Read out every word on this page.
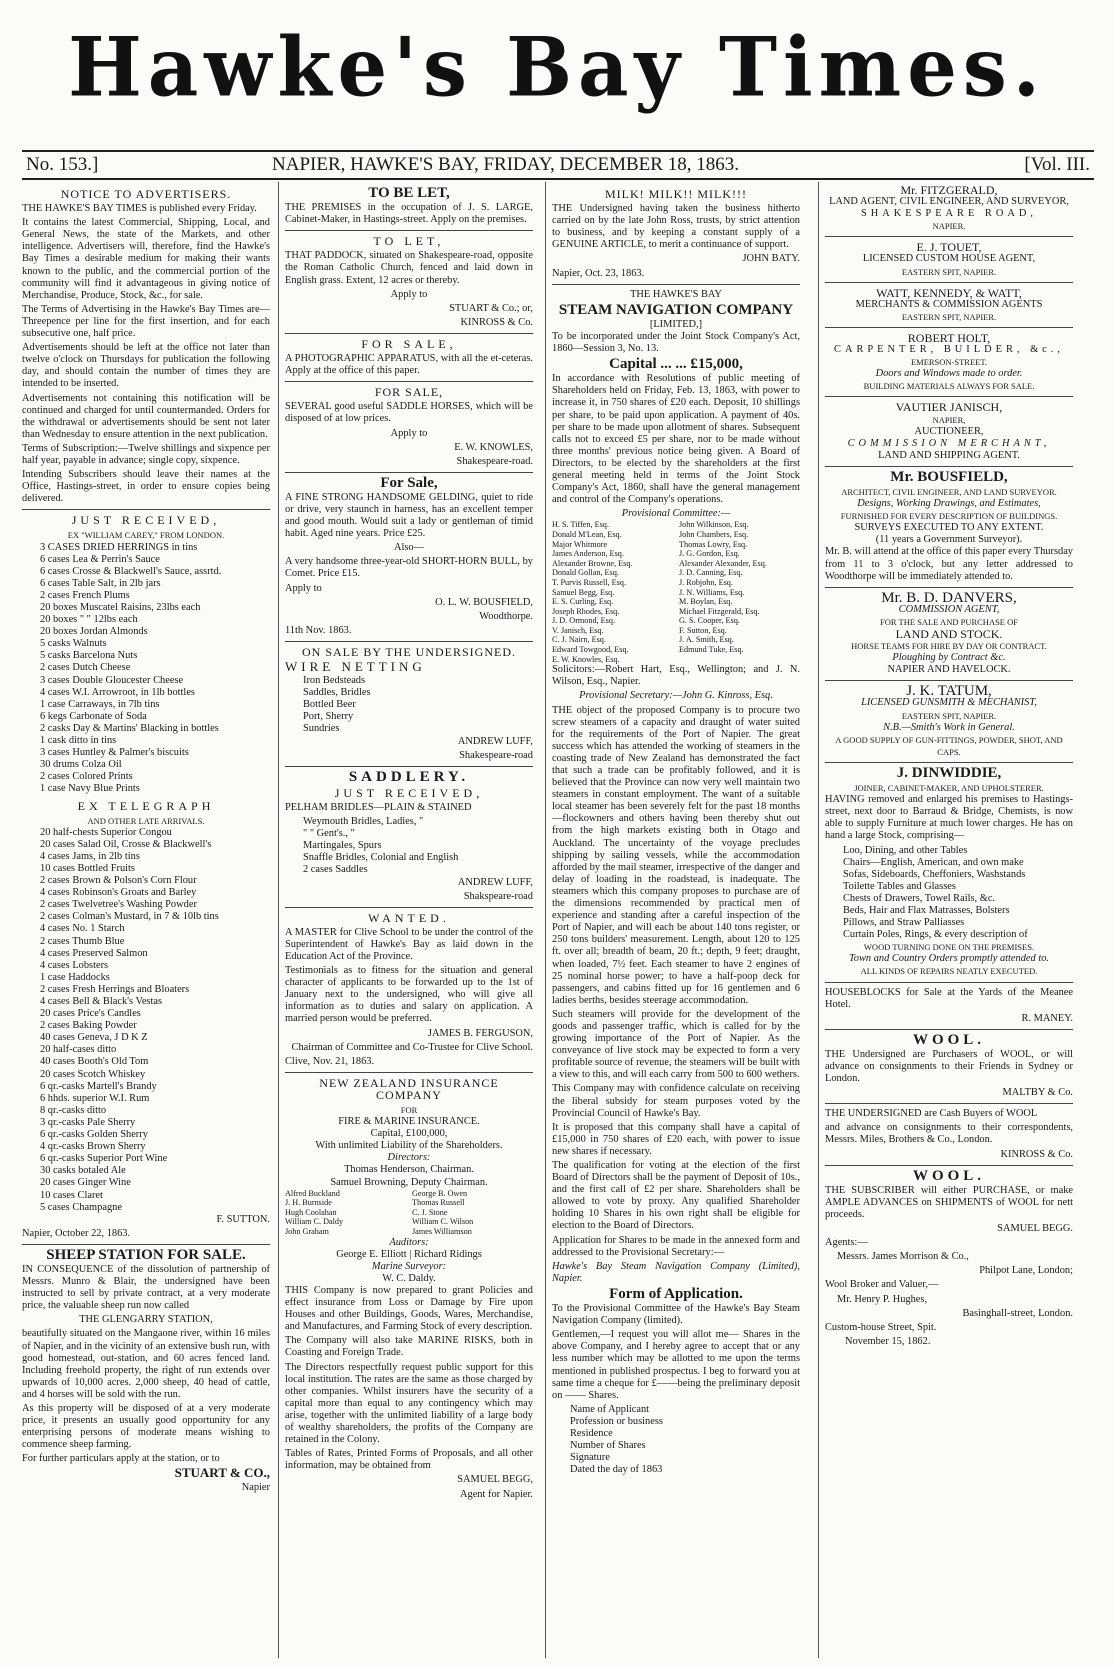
Hawke's Bay Times.
No. 153.]	NAPIER, HAWKE'S BAY, FRIDAY, DECEMBER 18, 1863.	[Vol. III.
NOTICE TO ADVERTISERS.

THE HAWKE'S BAY TIMES is published every Friday.

It contains the latest Commercial, Shipping, Local, and General News, the state of the Markets, and other intelligence. Advertisers will, therefore, find the Hawke's Bay Times a desirable medium for making their wants known to the public, and the commercial portion of the community will find it advantageous in giving notice of Merchandise, Produce, Stock, &c., for sale.

The Terms of Advertising in the Hawke's Bay Times are—Threepence per line for the first insertion, and for each subsecutive one, half price.

Advertisements should be left at the office not later than twelve o'clock on Thursdays for publication the following day, and should contain the number of times they are intended to be inserted.

Advertisements not containing this notification will be continued and charged for until countermanded. Orders for the withdrawal or advertisements should be sent not later than Wednesday to ensure attention in the next publication.

Terms of Subscription:—Twelve shillings and sixpence per half year, payable in advance; single copy, sixpence.

Intending Subscribers should leave their names at the Office, Hastings-street, in order to ensure copies being delivered.

JUST RECEIVED,
EX "WILLIAM CAREY," FROM LONDON.
3 CASES DRIED HERRINGS in tins
6 cases Lea & Perrin's Sauce
6 cases Crosse & Blackwell's Sauce, assrtd.
6 cases Table Salt, in 2lb jars
2 cases French Plums
20 boxes Muscatel Raisins, 23lbs each
20 boxes " " 12lbs each
20 boxes Jordan Almonds
5 casks Walnuts
5 casks Barcelona Nuts
2 cases Dutch Cheese
3 cases Double Gloucester Cheese
4 cases W.I. Arrowroot, in 1lb bottles
1 case Carraways, in 7lb tins
6 kegs Carbonate of Soda
2 casks Day & Martins' Blacking in bottles
1 cask ditto in tins
3 cases Huntley & Palmer's biscuits
30 drums Colza Oil
2 cases Colored Prints
1 case Navy Blue Prints
EX TELEGRAPH
AND OTHER LATE ARRIVALS.
20 half-chests Superior Congou
20 cases Salad Oil, Crosse & Blackwell's
4 cases Jams, in 2lb tins
10 cases Bottled Fruits
2 cases Brown & Polson's Corn Flour
4 cases Robinson's Groats and Barley
2 cases Twelvetree's Washing Powder
2 cases Colman's Mustard, in 7 & 10lb tins
4 cases No. 1 Starch
2 cases Thumb Blue
4 cases Preserved Salmon
4 cases Lobsters
1 case Haddocks
2 cases Fresh Herrings and Bloaters
4 cases Bell & Black's Vestas
20 cases Price's Candles
2 cases Baking Powder
40 cases Geneva, J D K Z
20 half-cases ditto
40 cases Booth's Old Tom
20 cases Scotch Whiskey
6 qr.-casks Martell's Brandy
6 hhds. superior W.I. Rum
8 qr.-casks ditto
3 qr.-casks Pale Sherry
6 qr.-casks Golden Sherry
4 qr.-casks Brown Sherry
6 qr.-casks Superior Port Wine
30 casks botaled Ale
20 cases Ginger Wine
10 cases Claret
5 cases Champagne

F. SUTTON.

Napier, October 22, 1863.

SHEEP STATION FOR SALE.

IN CONSEQUENCE of the dissolution of partnership of Messrs. Munro & Blair, the undersigned have been instructed to sell by private contract, at a very moderate price, the valuable sheep run now called

THE GLENGARRY STATION,

beautifully situated on the Mangaone river, within 16 miles of Napier, and in the vicinity of an extensive bush run, with good homestead, out-station, and 60 acres fenced land. Including freehold property, the right of run extends over upwards of 10,000 acres. 2,000 sheep, 40 head of cattle, and 4 horses will be sold with the run.

As this property will be disposed of at a very moderate price, it presents an usually good opportunity for any enterprising persons of moderate means wishing to commence sheep farming.

For further particulars apply at the station, or to

STUART & CO.,

Napier

TO BE LET,

THE PREMISES in the occupation of J. S. LARGE, Cabinet-Maker, in Hastings-street. Apply on the premises.

TO LET,

THAT PADDOCK, situated on Shakespeare-road, opposite the Roman Catholic Church, fenced and laid down in English grass. Extent, 12 acres or thereby.

Apply to

STUART & Co.; or,

KINROSS & Co.

FOR SALE,

A PHOTOGRAPHIC APPARATUS, with all the et-ceteras. Apply at the office of this paper.

FOR SALE,

SEVERAL good useful SADDLE HORSES, which will be disposed of at low prices.

Apply to

E. W. KNOWLES,

Shakespeare-road.

For Sale,

A FINE STRONG HANDSOME GELDING, quiet to ride or drive, very staunch in harness, has an excellent temper and good mouth. Would suit a lady or gentleman of timid habit. Aged nine years. Price £25.

Also—

A very handsome three-year-old SHORT-HORN BULL, by Comet. Price £15.

Apply to

O. L. W. BOUSFIELD,

Woodthorpe.

11th Nov. 1863.

ON SALE BY THE UNDERSIGNED.

WIRE NETTING

Iron Bedsteads
Saddles, Bridles
Bottled Beer
Port, Sherry
Sundries

ANDREW LUFF,

Shakespeare-road

SADDLERY.
JUST RECEIVED,

PELHAM BRIDLES—PLAIN & STAINED

Weymouth Bridles, Ladies, "
" " Gent's., "
Martingales, Spurs
Snaffle Bridles, Colonial and English
2 cases Saddles

ANDREW LUFF,

Shakspeare-road

WANTED.

A MASTER for Clive School to be under the control of the Superintendent of Hawke's Bay as laid down in the Education Act of the Province.

Testimonials as to fitness for the situation and general character of applicants to be forwarded up to the 1st of January next to the undersigned, who will give all information as to duties and salary on application. A married person would be preferred.

JAMES B. FERGUSON,

Chairman of Committee and Co-Trustee for Clive School.

Clive, Nov. 21, 1863.

NEW ZEALAND INSURANCE COMPANY
FOR
FIRE & MARINE INSURANCE.
Capital, £100,000,
With unlimited Liability of the Shareholders.
Directors:
Thomas Henderson, Chairman.
Samuel Browning, Deputy Chairman.
Alfred Buckland
J. H. Burnside
Hugh Coolahan
William C. Daldy
John Graham
George B. Owen
Thomas Russell
C. J. Stone
William C. Wilson
James Williamson
Auditors:
George E. Elliott | Richard Ridings
Marine Surveyor:
W. C. Daldy.

THIS Company is now prepared to grant Policies and effect insurance from Loss or Damage by Fire upon Houses and other Buildings, Goods, Wares, Merchandise, and Manufactures, and Farming Stock of every description.

The Company will also take MARINE RISKS, both in Coasting and Foreign Trade.

The Directors respectfully request public support for this local institution. The rates are the same as those charged by other companies. Whilst insurers have the security of a capital more than equal to any contingency which may arise, together with the unlimited liability of a large body of wealthy shareholders, the profits of the Company are retained in the Colony.

Tables of Rates, Printed Forms of Proposals, and all other information, may be obtained from

SAMUEL BEGG,

Agent for Napier.

MILK! MILK!! MILK!!!

THE Undersigned having taken the business hitherto carried on by the late John Ross, trusts, by strict attention to business, and by keeping a constant supply of a GENUINE ARTICLE, to merit a continuance of support.

JOHN BATY.

Napier, Oct. 23, 1863.

THE HAWKE'S BAY
STEAM NAVIGATION COMPANY
[LIMITED,]

To be incorporated under the Joint Stock Company's Act, 1860—Session 3, No. 13.

Capital ... ... £15,000,

In accordance with Resolutions of public meeting of Shareholders held on Friday, Feb. 13, 1863, with power to increase it, in 750 shares of £20 each. Deposit, 10 shillings per share, to be paid upon application. A payment of 40s. per share to be made upon allotment of shares. Subsequent calls not to exceed £5 per share, nor to be made without three months' previous notice being given. A Board of Directors, to be elected by the shareholders at the first general meeting held in terms of the Joint Stock Company's Act, 1860, shall have the general management and control of the Company's operations.

Provisional Committee:—
H. S. Tiffen, Esq.
Donald M'Lean, Esq.
Major Whitmore
James Anderson, Esq.
Alexander Browne, Esq.
Donald Gollan, Esq.
T. Purvis Russell, Esq.
Samuel Begg, Esq.
E. S. Curling, Esq.
Joseph Rhodes, Esq.
J. D. Ormond, Esq.
V. Janisch, Esq.
C. J. Nairn, Esq.
Edward Towgood, Esq.
E. W. Knowles, Esq.
John Wilkinson, Esq.
John Chambers, Esq.
Thomas Lowry, Esq.
J. G. Gordon, Esq.
Alexander Alexander, Esq.
J. D. Canning, Esq.
J. Robjohn, Esq.
J. N. Williams, Esq.
M. Boylan, Esq.
Michael Fitzgerald, Esq.
G. S. Cooper, Esq.
F. Sutton, Esq.
J. A. Smith, Esq.
Edmund Tuke, Esq.

Solicitors:—Robert Hart, Esq., Wellington; and J. N. Wilson, Esq., Napier.

Provisional Secretary:—John G. Kinross, Esq.

THE object of the proposed Company is to procure two screw steamers of a capacity and draught of water suited for the requirements of the Port of Napier. The great success which has attended the working of steamers in the coasting trade of New Zealand has demonstrated the fact that such a trade can be profitably followed, and it is believed that the Province can now very well maintain two steamers in constant employment. The want of a suitable local steamer has been severely felt for the past 18 months—flockowners and others having been thereby shut out from the high markets existing both in Otago and Auckland. The uncertainty of the voyage precludes shipping by sailing vessels, while the accommodation afforded by the mail steamer, irrespective of the danger and delay of loading in the roadstead, is inadequate. The steamers which this company proposes to purchase are of the dimensions recommended by practical men of experience and standing after a careful inspection of the Port of Napier, and will each be about 140 tons register, or 250 tons builders' measurement. Length, about 120 to 125 ft. over all; breadth of beam, 20 ft.; depth, 9 feet; draught, when loaded, 7½ feet. Each steamer to have 2 engines of 25 nominal horse power; to have a half-poop deck for passengers, and cabins fitted up for 16 gentlemen and 6 ladies berths, besides steerage accommodation.

Such steamers will provide for the development of the goods and passenger traffic, which is called for by the growing importance of the Port of Napier. As the conveyance of live stock may be expected to form a very profitable source of revenue, the steamers will be built with a view to this, and will each carry from 500 to 600 wethers.

This Company may with confidence calculate on receiving the liberal subsidy for steam purposes voted by the Provincial Council of Hawke's Bay.

It is proposed that this company shall have a capital of £15,000 in 750 shares of £20 each, with power to issue new shares if necessary.

The qualification for voting at the election of the first Board of Directors shall be the payment of Deposit of 10s., and the first call of £2 per share. Shareholders shall be allowed to vote by proxy. Any qualified Shareholder holding 10 Shares in his own right shall be eligible for election to the Board of Directors.

Application for Shares to be made in the annexed form and addressed to the Provisional Secretary:—

Hawke's Bay Steam Navigation Company (Limited), Napier.

Form of Application.

To the Provisional Committee of the Hawke's Bay Steam Navigation Company (limited).

Gentlemen,—I request you will allot me— Shares in the above Company, and I hereby agree to accept that or any less number which may be allotted to me upon the terms mentioned in published prospectus. I beg to forward you at same time a cheque for £——being the preliminary deposit on —— Shares.

Name of Applicant
Profession or business
Residence
Number of Shares
Signature
Dated the day of 1863
Mr. FITZGERALD,
LAND AGENT, CIVIL ENGINEER, AND SURVEYOR,
SHAKESPEARE ROAD,
NAPIER.
E. J. TOUET,
LICENSED CUSTOM HOUSE AGENT,
EASTERN SPIT, NAPIER.
WATT, KENNEDY, & WATT,
MERCHANTS & COMMISSION AGENTS
EASTERN SPIT, NAPIER.
ROBERT HOLT,
CARPENTER, BUILDER, &c.,
EMERSON-STREET.
Doors and Windows made to order.
BUILDING MATERIALS ALWAYS FOR SALE.
VAUTIER JANISCH,
NAPIER,
AUCTIONEER,
COMMISSION MERCHANT,
LAND AND SHIPPING AGENT.
Mr. BOUSFIELD,
ARCHITECT, CIVIL ENGINEER, AND LAND SURVEYOR.
Designs, Working Drawings, and Estimates,
FURNISHED FOR EVERY DESCRIPTION OF BUILDINGS.
SURVEYS EXECUTED TO ANY EXTENT.
(11 years a Government Surveyor).

Mr. B. will attend at the office of this paper every Thursday from 11 to 3 o'clock, but any letter addressed to Woodthorpe will be immediately attended to.

Mr. B. D. DANVERS,
COMMISSION AGENT,
FOR THE SALE AND PURCHASE OF
LAND AND STOCK.
HORSE TEAMS FOR HIRE BY DAY OR CONTRACT.
Ploughing by Contract &c.
NAPIER AND HAVELOCK.
J. K. TATUM,
LICENSED GUNSMITH & MECHANIST,
EASTERN SPIT, NAPIER.
N.B.—Smith's Work in General.
A GOOD SUPPLY OF GUN-FITTINGS, POWDER, SHOT, AND CAPS.
J. DINWIDDIE,
JOINER, CABINET-MAKER, AND UPHOLSTERER.

HAVING removed and enlarged his premises to Hastings-street, next door to Barraud & Bridge, Chemists, is now able to supply Furniture at much lower charges. He has on hand a large Stock, comprising—

Loo, Dining, and other Tables
Chairs—English, American, and own make
Sofas, Sideboards, Cheffoniers, Washstands
Toilette Tables and Glasses
Chests of Drawers, Towel Rails, &c.
Beds, Hair and Flax Matrasses, Bolsters
Pillows, and Straw Palliasses
Curtain Poles, Rings, & every description of
WOOD TURNING DONE ON THE PREMISES.
Town and Country Orders promptly attended to.
ALL KINDS OF REPAIRS NEATLY EXECUTED.

HOUSEBLOCKS for Sale at the Yards of the Meanee Hotel.

R. MANEY.

WOOL.

THE Undersigned are Purchasers of WOOL, or will advance on consignments to their Friends in Sydney or London.

MALTBY & Co.

THE UNDERSIGNED are Cash Buyers of WOOL

and advance on consignments to their correspondents, Messrs. Miles, Brothers & Co., London.

KINROSS & Co.

WOOL.

THE SUBSCRIBER will either PURCHASE, or make AMPLE ADVANCES on SHIPMENTS of WOOL for nett proceeds.

SAMUEL BEGG.

Agents:—

Messrs. James Morrison & Co.,

Philpot Lane, London;

Wool Broker and Valuer,—

Mr. Henry P. Hughes,

Basinghall-street, London.

Custom-house Street, Spit.

November 15, 1862.
